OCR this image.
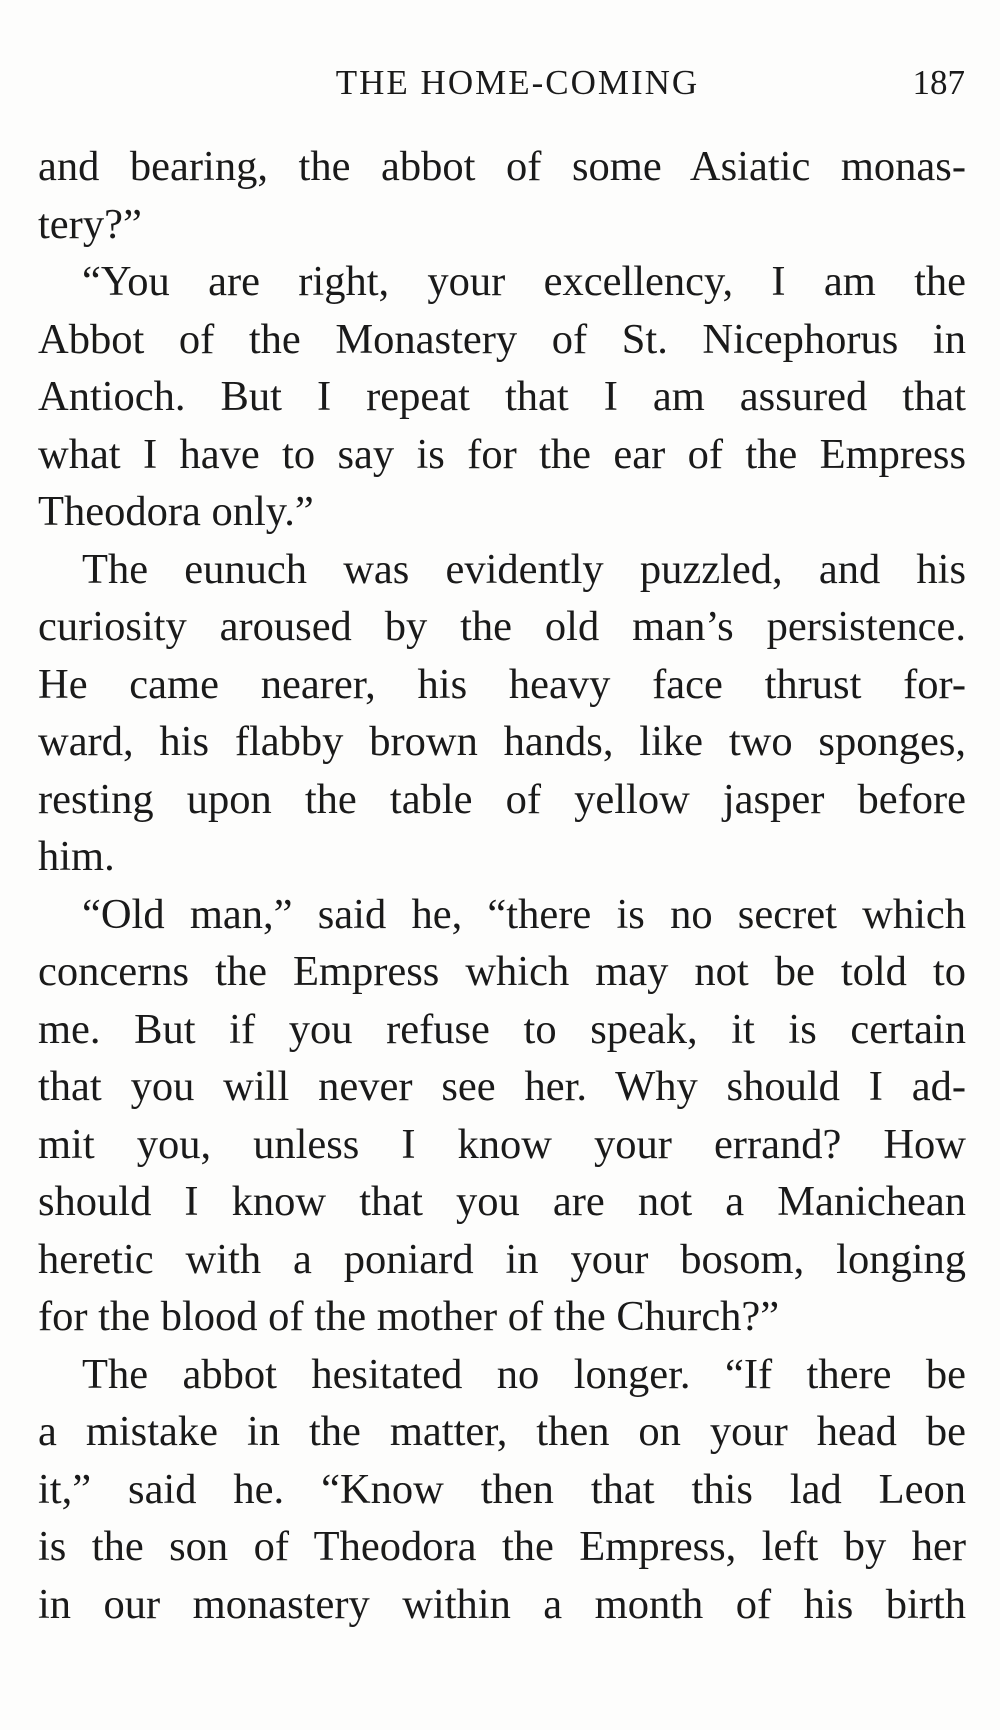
THE HOME-COMING	187
and bearing, the abbot of some Asiatic monas-
tery?”
“You are right, your excellency, I am the
Abbot of the Monastery of St. Nicephorus in
Antioch. But I repeat that I am assured that
what I have to say is for the ear of the Empress
Theodora only.”
The eunuch was evidently puzzled, and his
curiosity aroused by the old man’s persistence.
He came nearer, his heavy face thrust for-
ward, his flabby brown hands, like two sponges,
resting upon the table of yellow jasper before
him.
“Old man,” said he, “there is no secret which
concerns the Empress which may not be told to
me. But if you refuse to speak, it is certain
that you will never see her. Why should I ad-
mit you, unless I know your errand? How
should I know that you are not a Manichean
heretic with a poniard in your bosom, longing
for the blood of the mother of the Church?”
The abbot hesitated no longer. “If there be
a mistake in the matter, then on your head be
it,” said he. “Know then that this lad Leon
is the son of Theodora the Empress, left by her
in our monastery within a month of his birth
